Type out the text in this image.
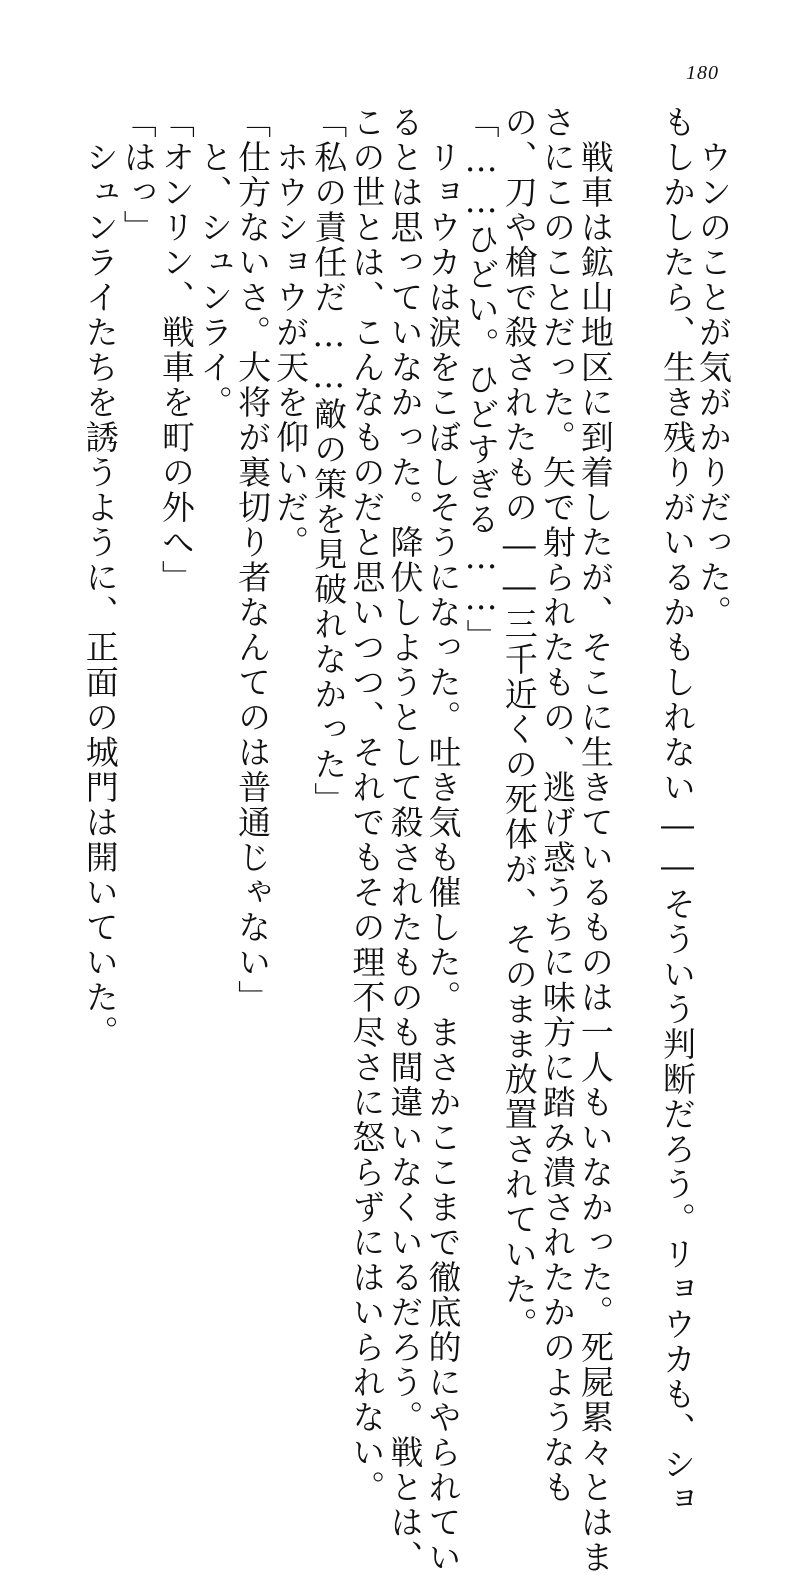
180

　ウンのことが気がかりだった。

もしかしたら、生き残りがいるかもしれない――そういう判断だろう。リョウカも、ショ

　戦車は鉱山地区に到着したが、そこに生きているものは一人もいなかった。死屍累々とはま

さにこのことだった。矢で射られたもの、逃げ惑うちに味方に踏み潰されたかのようなも

の、刀や槍で殺されたもの――三千近くの死体が、そのまま放置されていた。

「……ひどい。ひどすぎる……」

　リョウカは涙をこぼしそうになった。吐き気も催した。まさかここまで徹底的にやられてい

るとは思っていなかった。降伏しようとして殺されたものも間違いなくいるだろう。戦とは、

この世とは、こんなものだと思いつつ、それでもその理不尽さに怒らずにはいられない。

「私の責任だ……敵の策を見破れなかった」

　ホウショウが天を仰いだ。

「仕方ないさ。大将が裏切り者なんてのは普通じゃない」

　と、シュンライ。

「オンリン、戦車を町の外へ」

「はっ」

　シュンライたちを誘うように、正面の城門は開いていた。
